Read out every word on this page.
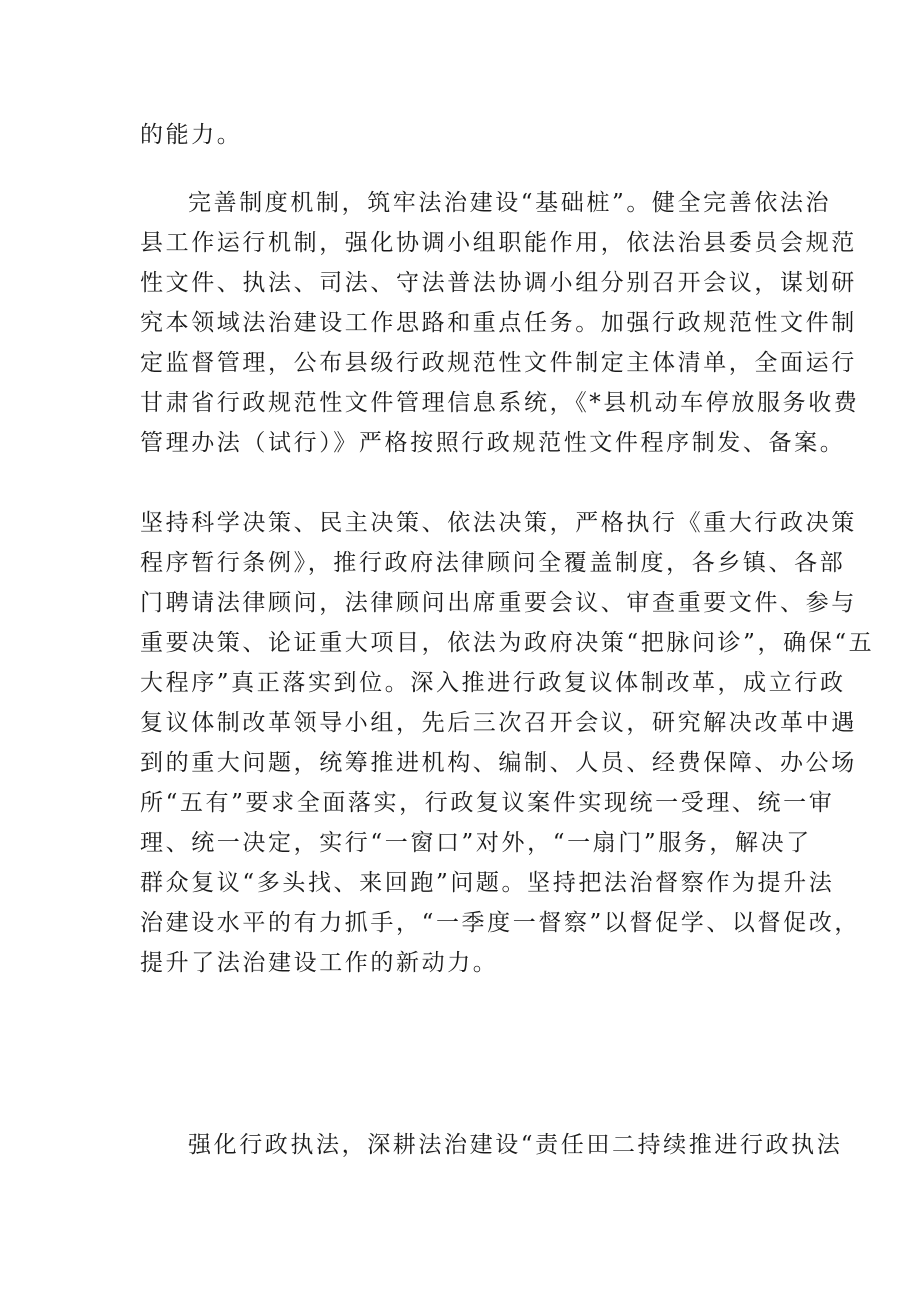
的能力。
完善制度机制，筑牢法治建设“基础桩”。健全完善依法治
县工作运行机制，强化协调小组职能作用，依法治县委员会规范
性文件、执法、司法、守法普法协调小组分别召开会议，谋划研
究本领域法治建设工作思路和重点任务。加强行政规范性文件制
定监督管理，公布县级行政规范性文件制定主体清单，全面运行
甘肃省行政规范性文件管理信息系统，《*县机动车停放服务收费
管理办法（试行）》严格按照行政规范性文件程序制发、备案。
坚持科学决策、民主决策、依法决策，严格执行《重大行政决策
程序暂行条例》，推行政府法律顾问全覆盖制度，各乡镇、各部
门聘请法律顾问，法律顾问出席重要会议、审查重要文件、参与
重要决策、论证重大项目，依法为政府决策“把脉问诊”，确保“五
大程序”真正落实到位。深入推进行政复议体制改革，成立行政
复议体制改革领导小组，先后三次召开会议，研究解决改革中遇
到的重大问题，统筹推进机构、编制、人员、经费保障、办公场
所“五有”要求全面落实，行政复议案件实现统一受理、统一审
理、统一决定，实行“一窗口”对外，“一扇门”服务，解决了
群众复议“多头找、来回跑”问题。坚持把法治督察作为提升法
治建设水平的有力抓手，“一季度一督察”以督促学、以督促改，
提升了法治建设工作的新动力。
强化行政执法，深耕法治建设“责任田二持续推进行政执法
